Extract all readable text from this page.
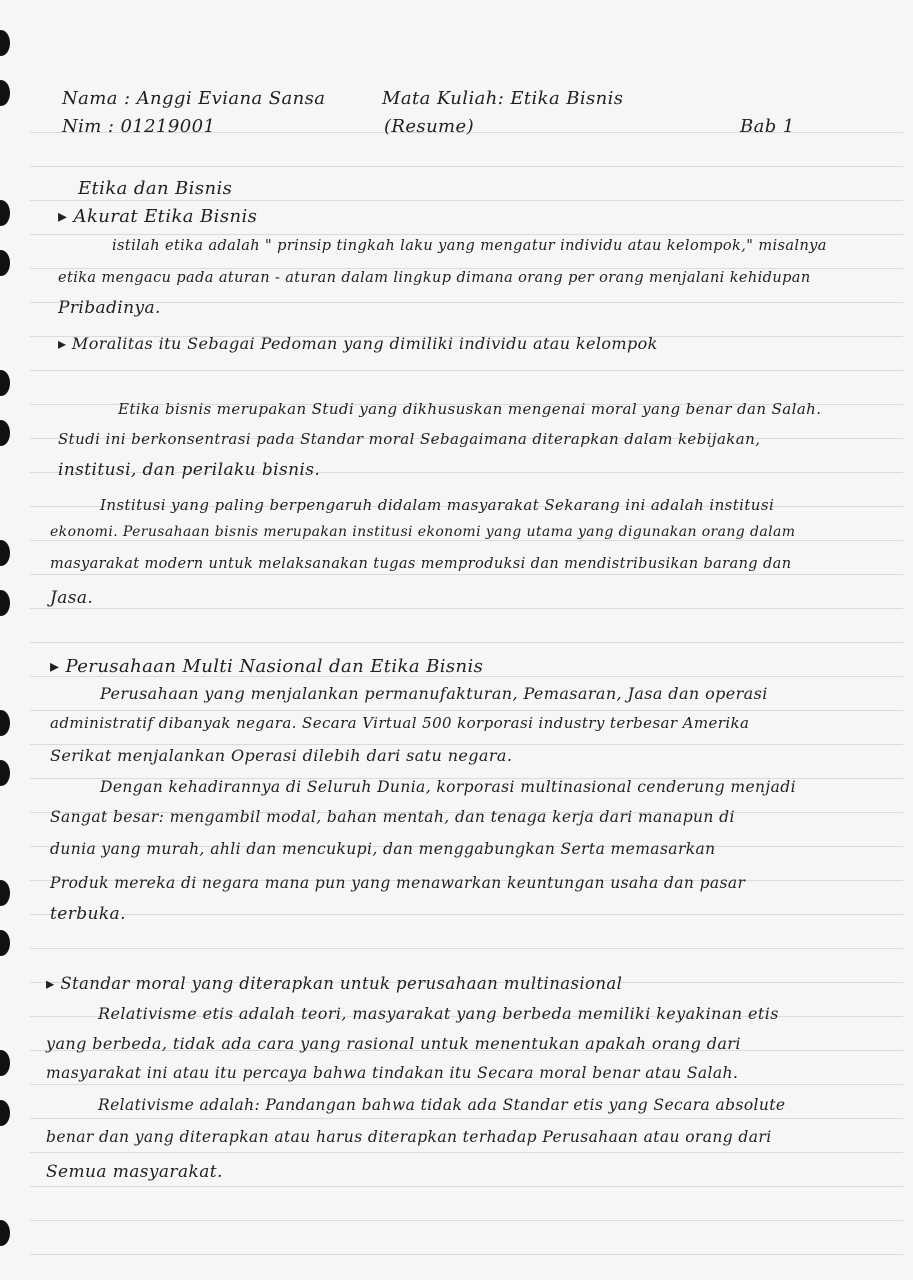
Nama : Anggi Eviana Sansa
Nim : 01219001
Mata Kuliah: Etika Bisnis
(Resume)	Bab 1
Etika dan Bisnis
▸ Akurat Etika Bisnis
istilah etika adalah " prinsip tingkah laku yang mengatur individu atau kelompok," misalnya
etika mengacu pada aturan - aturan dalam lingkup dimana orang per orang menjalani kehidupan
Pribadinya.
▸ Moralitas itu Sebagai Pedoman yang dimiliki individu atau kelompok
Etika bisnis merupakan Studi yang dikhususkan mengenai moral yang benar dan Salah.
Studi ini berkonsentrasi pada Standar moral Sebagaimana diterapkan dalam kebijakan,
institusi, dan perilaku bisnis.
Institusi yang paling berpengaruh didalam masyarakat Sekarang ini adalah institusi
ekonomi. Perusahaan bisnis merupakan institusi ekonomi yang utama yang digunakan orang dalam
masyarakat modern untuk melaksanakan tugas memproduksi dan mendistribusikan barang dan
Jasa.
▸ Perusahaan Multi Nasional dan Etika Bisnis
Perusahaan yang menjalankan permanufakturan, Pemasaran, Jasa dan operasi
administratif dibanyak negara. Secara Virtual 500 korporasi industry terbesar Amerika
Serikat menjalankan Operasi dilebih dari satu negara.
Dengan kehadirannya di Seluruh Dunia, korporasi multinasional cenderung menjadi
Sangat besar: mengambil modal, bahan mentah, dan tenaga kerja dari manapun di
dunia yang murah, ahli dan mencukupi, dan menggabungkan Serta memasarkan
Produk mereka di negara mana pun yang menawarkan keuntungan usaha dan pasar
terbuka.
▸ Standar moral yang diterapkan untuk perusahaan multinasional
Relativisme etis adalah teori, masyarakat yang berbeda memiliki keyakinan etis
yang berbeda, tidak ada cara yang rasional untuk menentukan apakah orang dari
masyarakat ini atau itu percaya bahwa tindakan itu Secara moral benar atau Salah.
Relativisme adalah: Pandangan bahwa tidak ada Standar etis yang Secara absolute
benar dan yang diterapkan atau harus diterapkan terhadap Perusahaan atau orang dari
Semua masyarakat.
